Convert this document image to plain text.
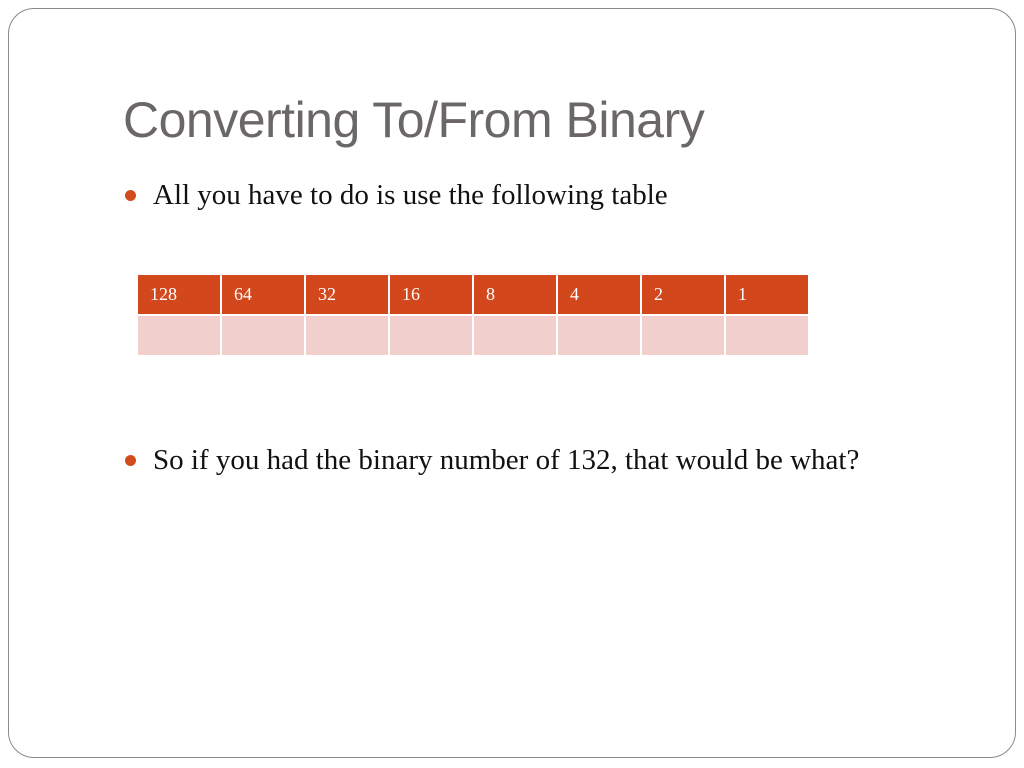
Converting To/From Binary
All you have to do is use the following table
128	64	32	16	8	4	2	1

So if you had the binary number of 132, that would be what?
